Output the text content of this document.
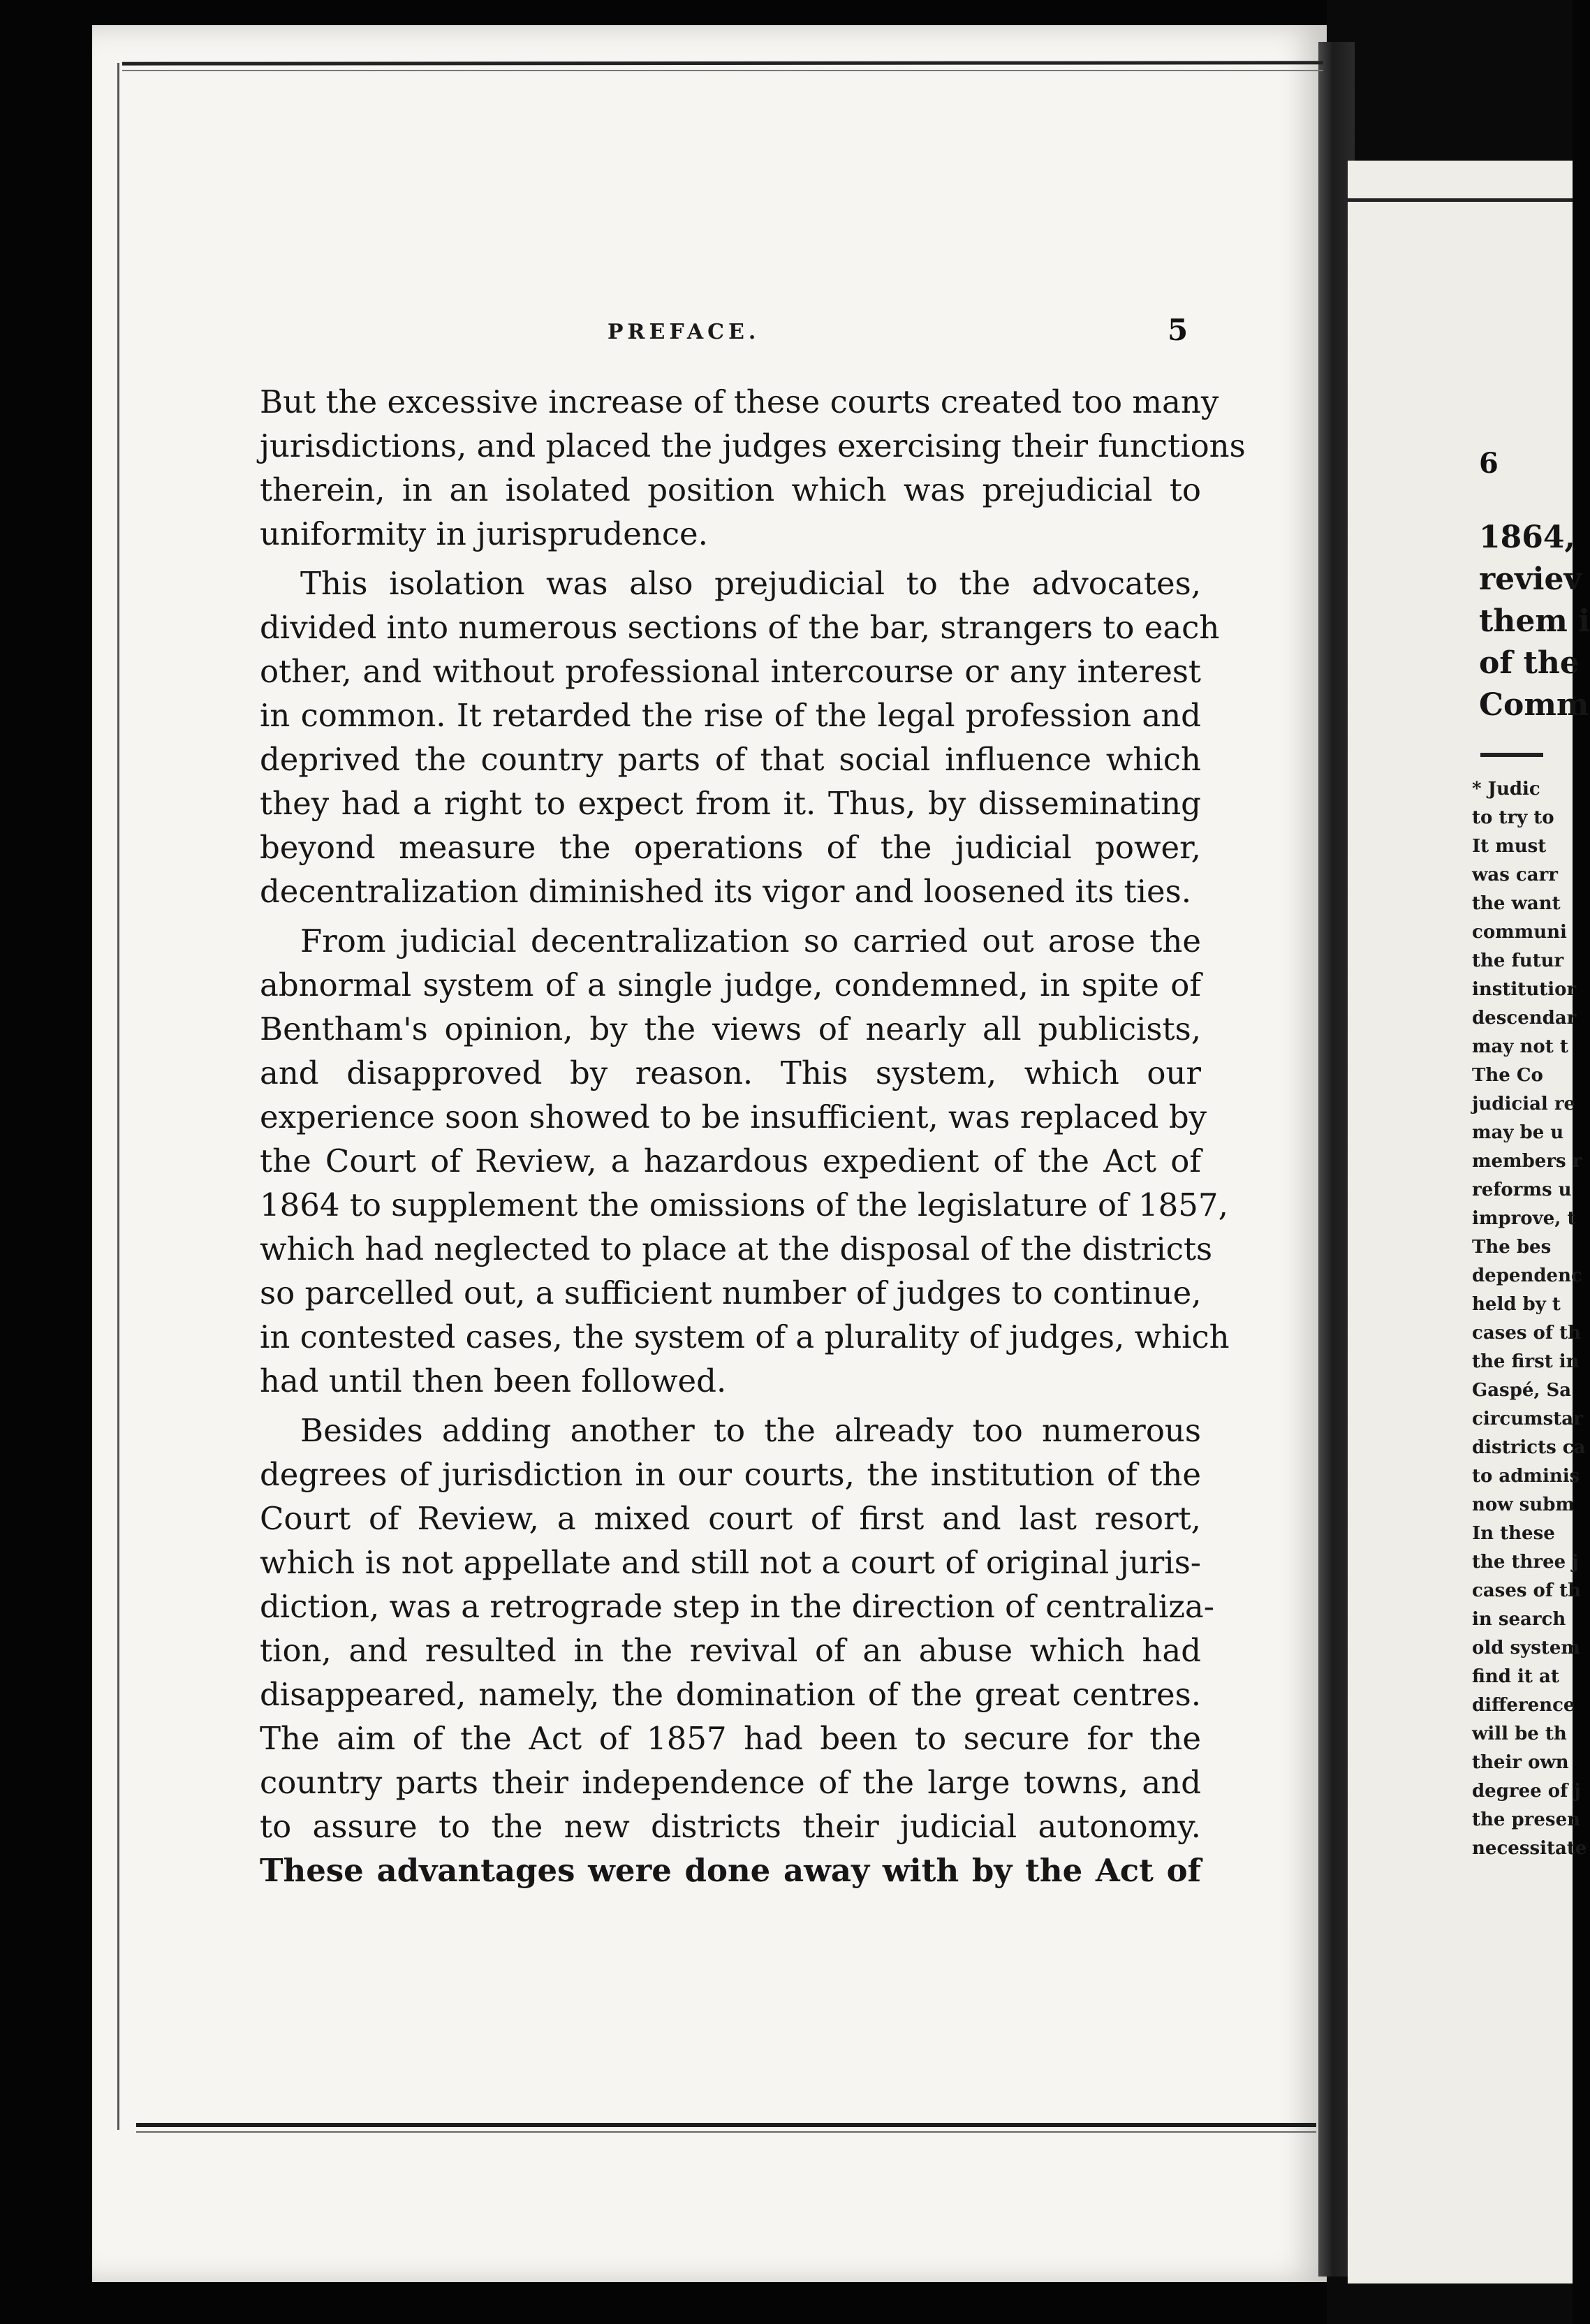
PREFACE.	5

But the excessive increase of these courts created too many
jurisdictions, and placed the judges exercising their functions
therein, in an isolated position which was prejudicial to
uniformity in jurisprudence.

This isolation was also prejudicial to the advocates,
divided into numerous sections of the bar, strangers to each
other, and without professional intercourse or any interest
in common. It retarded the rise of the legal profession and
deprived the country parts of that social influence which
they had a right to expect from it. Thus, by disseminating
beyond measure the operations of the judicial power,
decentralization diminished its vigor and loosened its ties.

From judicial decentralization so carried out arose the
abnormal system of a single judge, condemned, in spite of
Bentham's opinion, by the views of nearly all publicists,
and disapproved by reason. This system, which our
experience soon showed to be insufficient, was replaced by
the Court of Review, a hazardous expedient of the Act of
1864 to supplement the omissions of the legislature of 1857,
which had neglected to place at the disposal of the districts
so parcelled out, a sufficient number of judges to continue,
in contested cases, the system of a plurality of judges, which
had until then been followed.

Besides adding another to the already too numerous
degrees of jurisdiction in our courts, the institution of the
Court of Review, a mixed court of first and last resort,
which is not appellate and still not a court of original juris-
diction, was a retrograde step in the direction of centraliza-
tion, and resulted in the revival of an abuse which had
disappeared, namely, the domination of the great centres.
The aim of the Act of 1857 had been to secure for the
country parts their independence of the large towns, and
to assure to the new districts their judicial autonomy.
These advantages were done away with by the Act of

6
1864,
reviev
them i
of the
Comm
* Judic
to try to
It must
was carr
the want
communi
the futur
institutior
descendar
may not t
The Co
judicial re
may be u
members r
reforms u
improve, t
The bes
dependenc
held by t
cases of th
the first in
Gaspé, Sa
circumstar
districts ca
to adminis
now subm
In these
the three j
cases of th
in search
old system
find it at
difference
will be th
their own
degree of j
the presen
necessitate
